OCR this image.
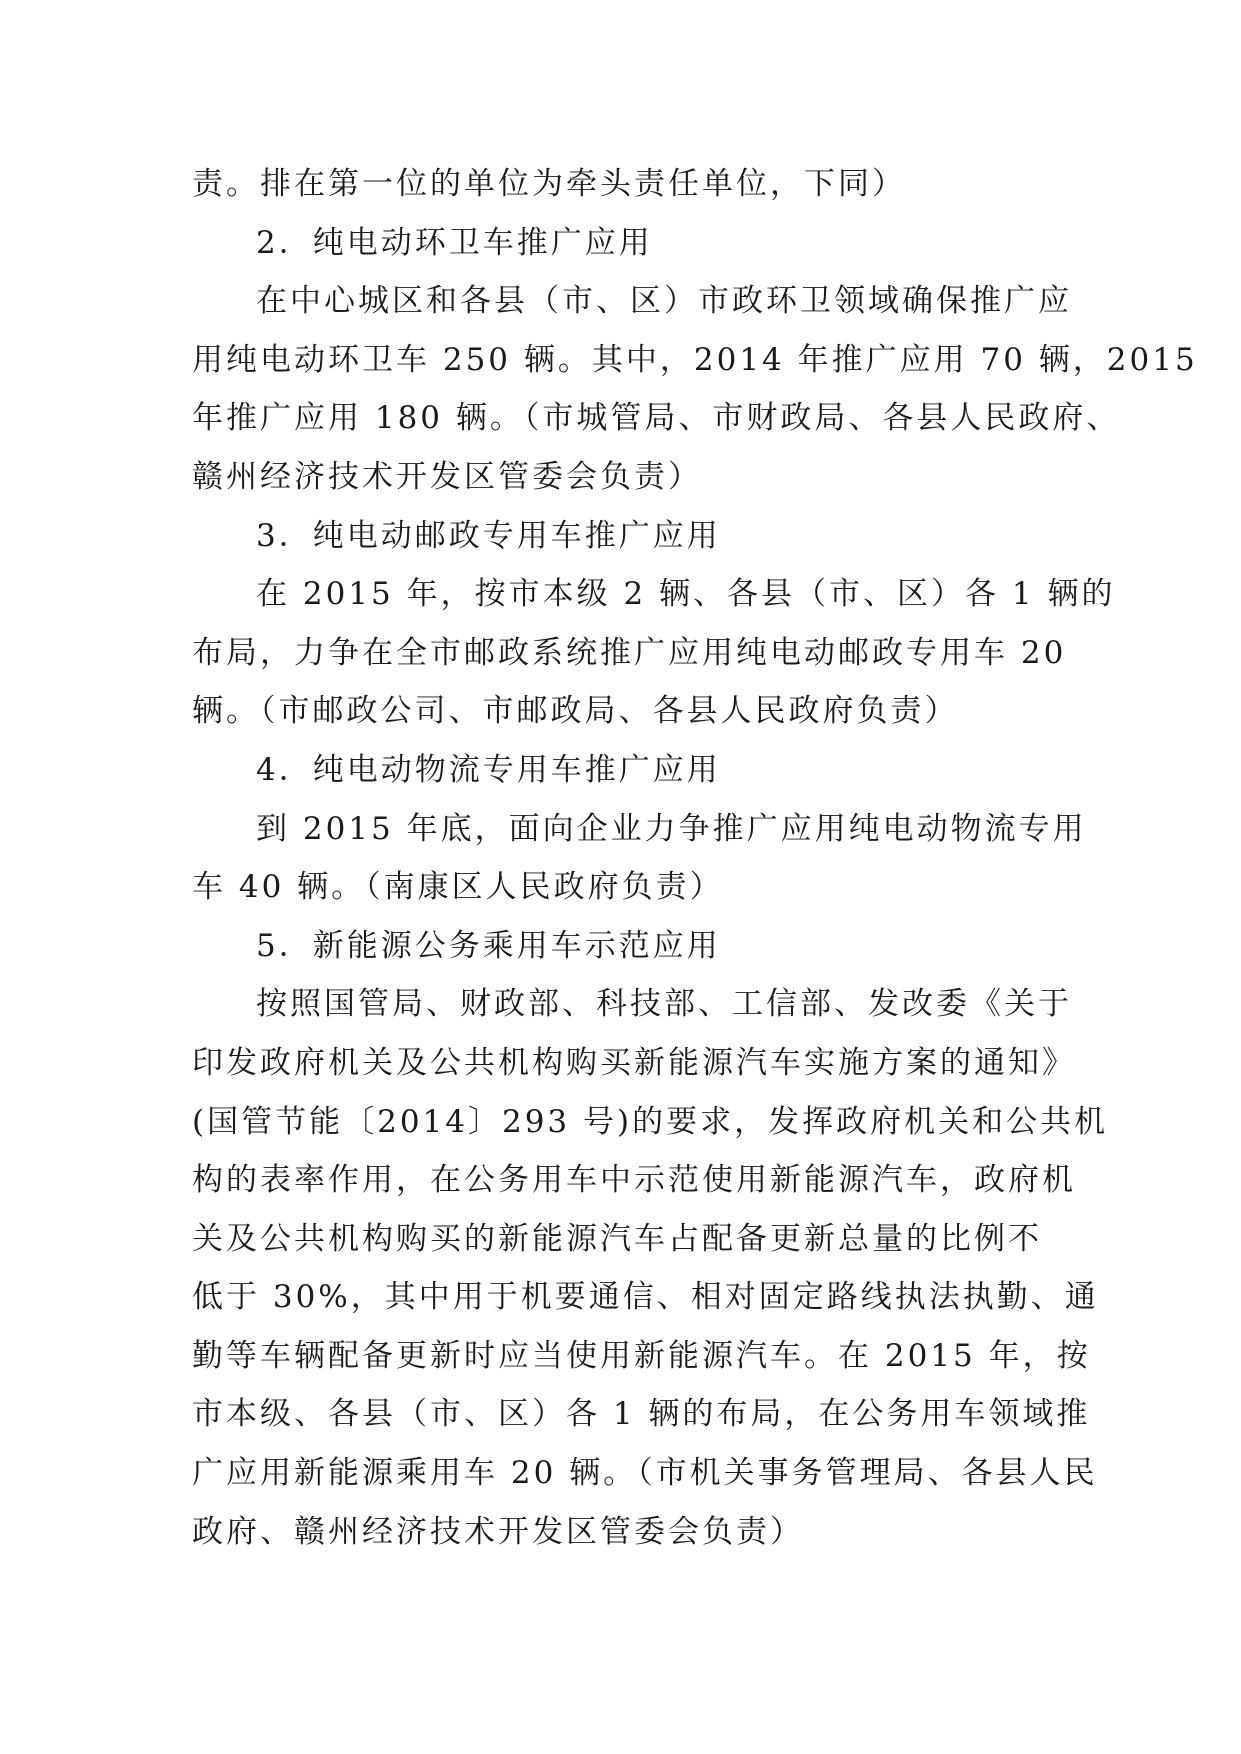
责。排在第一位的单位为牵头责任单位，下同）
2．纯电动环卫车推广应用
在中心城区和各县（市、区）市政环卫领域确保推广应
用纯电动环卫车 250 辆。其中，2014 年推广应用 70 辆，2015
年推广应用 180 辆。（市城管局、市财政局、各县人民政府、
赣州经济技术开发区管委会负责）
3．纯电动邮政专用车推广应用
在 2015 年，按市本级 2 辆、各县（市、区）各 1 辆的
布局，力争在全市邮政系统推广应用纯电动邮政专用车 20
辆。（市邮政公司、市邮政局、各县人民政府负责）
4．纯电动物流专用车推广应用
到 2015 年底，面向企业力争推广应用纯电动物流专用
车 40 辆。（南康区人民政府负责）
5．新能源公务乘用车示范应用
按照国管局、财政部、科技部、工信部、发改委《关于
印发政府机关及公共机构购买新能源汽车实施方案的通知》
(国管节能〔2014〕293 号)的要求，发挥政府机关和公共机
构的表率作用，在公务用车中示范使用新能源汽车，政府机
关及公共机构购买的新能源汽车占配备更新总量的比例不
低于 30%，其中用于机要通信、相对固定路线执法执勤、通
勤等车辆配备更新时应当使用新能源汽车。在 2015 年，按
市本级、各县（市、区）各 1 辆的布局，在公务用车领域推
广应用新能源乘用车 20 辆。（市机关事务管理局、各县人民
政府、赣州经济技术开发区管委会负责）
